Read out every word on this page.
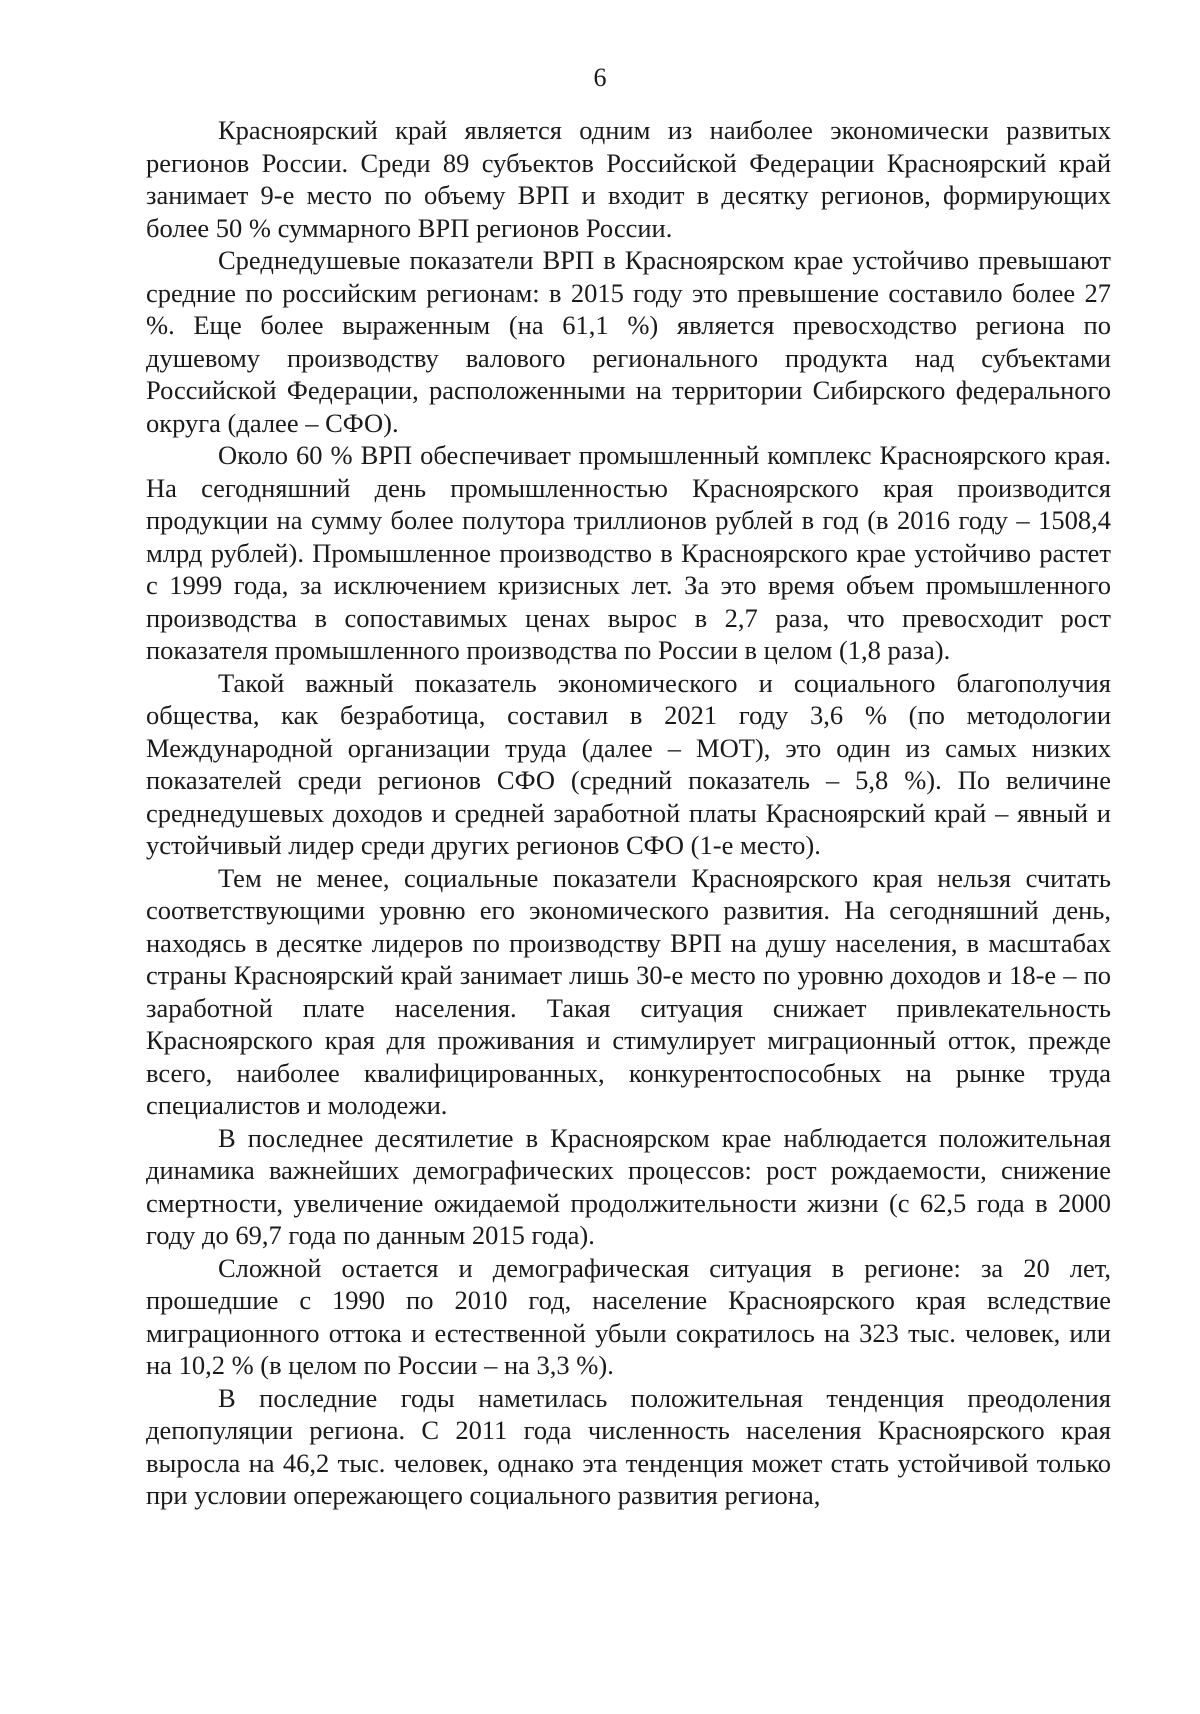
6

Красноярский край является одним из наиболее экономически развитых регионов России. Среди 89 субъектов Российской Федерации Красноярский край занимает 9-е место по объему ВРП и входит в десятку регионов, формирующих более 50 % суммарного ВРП регионов России.

Среднедушевые показатели ВРП в Красноярском крае устойчиво превышают средние по российским регионам: в 2015 году это превышение составило более 27 %. Еще более выраженным (на 61,1 %) является превосходство региона по душевому производству валового регионального продукта над субъектами Российской Федерации, расположенными на территории Сибирского федерального округа (далее – СФО).

Около 60 % ВРП обеспечивает промышленный комплекс Красноярского края. На сегодняшний день промышленностью Красноярского края производится продукции на сумму более полутора триллионов рублей в год (в 2016 году – 1508,4 млрд рублей). Промышленное производство в Красноярского крае устойчиво растет с 1999 года, за исключением кризисных лет. За это время объем промышленного производства в сопоставимых ценах вырос в 2,7 раза, что превосходит рост показателя промышленного производства по России в целом (1,8 раза).

Такой важный показатель экономического и социального благополучия общества, как безработица, составил в 2021 году 3,6 % (по методологии Международной организации труда (далее – МОТ), это один из самых низких показателей среди регионов СФО (средний показатель – 5,8 %). По величине среднедушевых доходов и средней заработной платы Красноярский край – явный и устойчивый лидер среди других регионов СФО (1-е место).

Тем не менее, социальные показатели Красноярского края нельзя считать соответствующими уровню его экономического развития. На сегодняшний день, находясь в десятке лидеров по производству ВРП на душу населения, в масштабах страны Красноярский край занимает лишь 30-е место по уровню доходов и 18-е – по заработной плате населения. Такая ситуация снижает привлекательность Красноярского края для проживания и стимулирует миграционный отток, прежде всего, наиболее квалифицированных, конкурентоспособных на рынке труда специалистов и молодежи.

В последнее десятилетие в Красноярском крае наблюдается положительная динамика важнейших демографических процессов: рост рождаемости, снижение смертности, увеличение ожидаемой продолжительности жизни (с 62,5 года в 2000 году до 69,7 года по данным 2015 года).

Сложной остается и демографическая ситуация в регионе: за 20 лет, прошедшие с 1990 по 2010 год, население Красноярского края вследствие миграционного оттока и естественной убыли сократилось на 323 тыс. человек, или на 10,2 % (в целом по России – на 3,3 %).

В последние годы наметилась положительная тенденция преодоления депопуляции региона. С 2011 года численность населения Красноярского края выросла на 46,2 тыс. человек, однако эта тенденция может стать устойчивой только при условии опережающего социального развития региона,
